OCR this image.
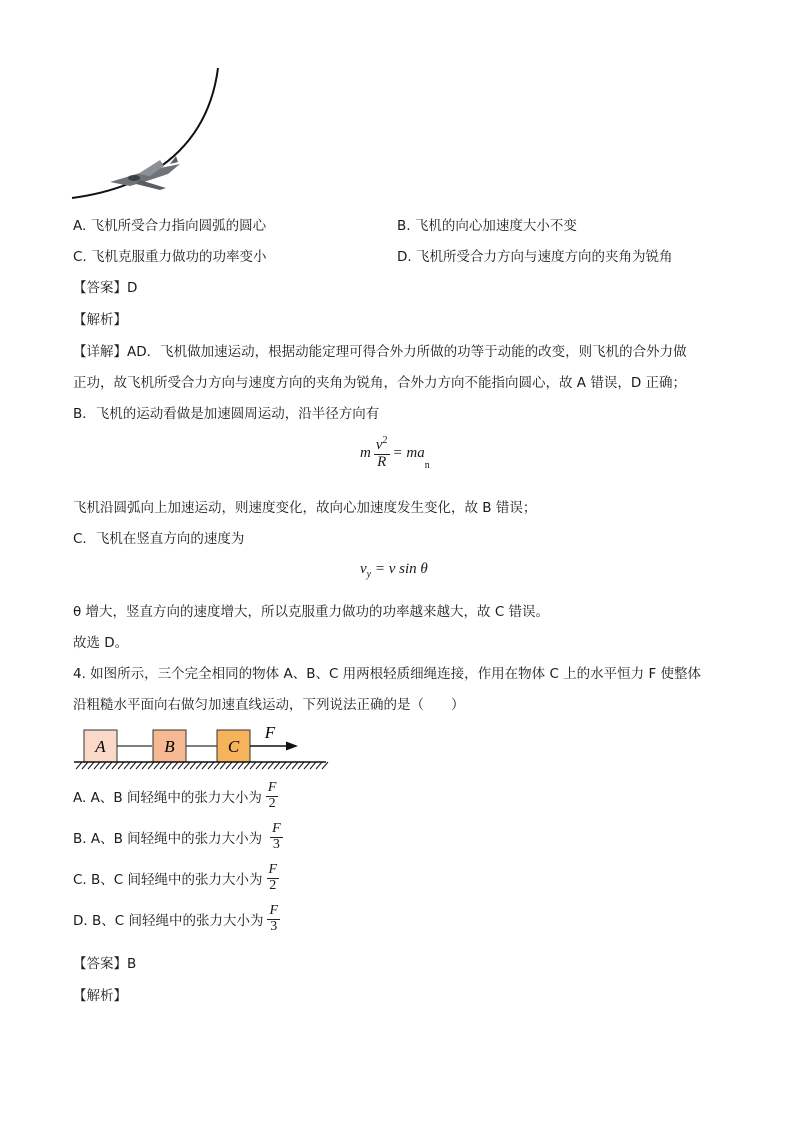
A. 飞机所受合力指向圆弧的圆心	B. 飞机的向心加速度大小不变
C. 飞机克服重力做功的功率变小	D. 飞机所受合力方向与速度方向的夹角为锐角
【答案】D
【解析】
【详解】AD．飞机做加速运动，根据动能定理可得合外力所做的功等于动能的改变，则飞机的合外力做
正功，故飞机所受合力方向与速度方向的夹角为锐角，合外力方向不能指向圆心，故 A 错误，D 正确；
B．飞机的运动看做是加速圆周运动，沿半径方向有
m $\frac{v^2}{R}$ = ma
$_n$
飞机沿圆弧向上加速运动，则速度变化，故向心加速度发生变化，故 B 错误；
C．飞机在竖直方向的速度为
$v_y = v$ sin θ
θ 增大，竖直方向的速度增大，所以克服重力做功的功率越来越大，故 C 错误。
故选 D。
4. 如图所示，三个完全相同的物体 A、B、C 用两根轻质细绳连接，作用在物体 C 上的水平恒力 F 使整体
沿粗糙水平面向右做匀加速直线运动，下列说法正确的是（　　）
A	B	C
F
A. A、B 间轻绳中的张力大小为 $\frac{F}{2}$
B. A、B 间轻绳中的张力大小为 $\frac{F}{3}$
C. B、C 间轻绳中的张力大小为 $\frac{F}{2}$
D. B、C 间轻绳中的张力大小为 $\frac{F}{3}$
【答案】B
【解析】
